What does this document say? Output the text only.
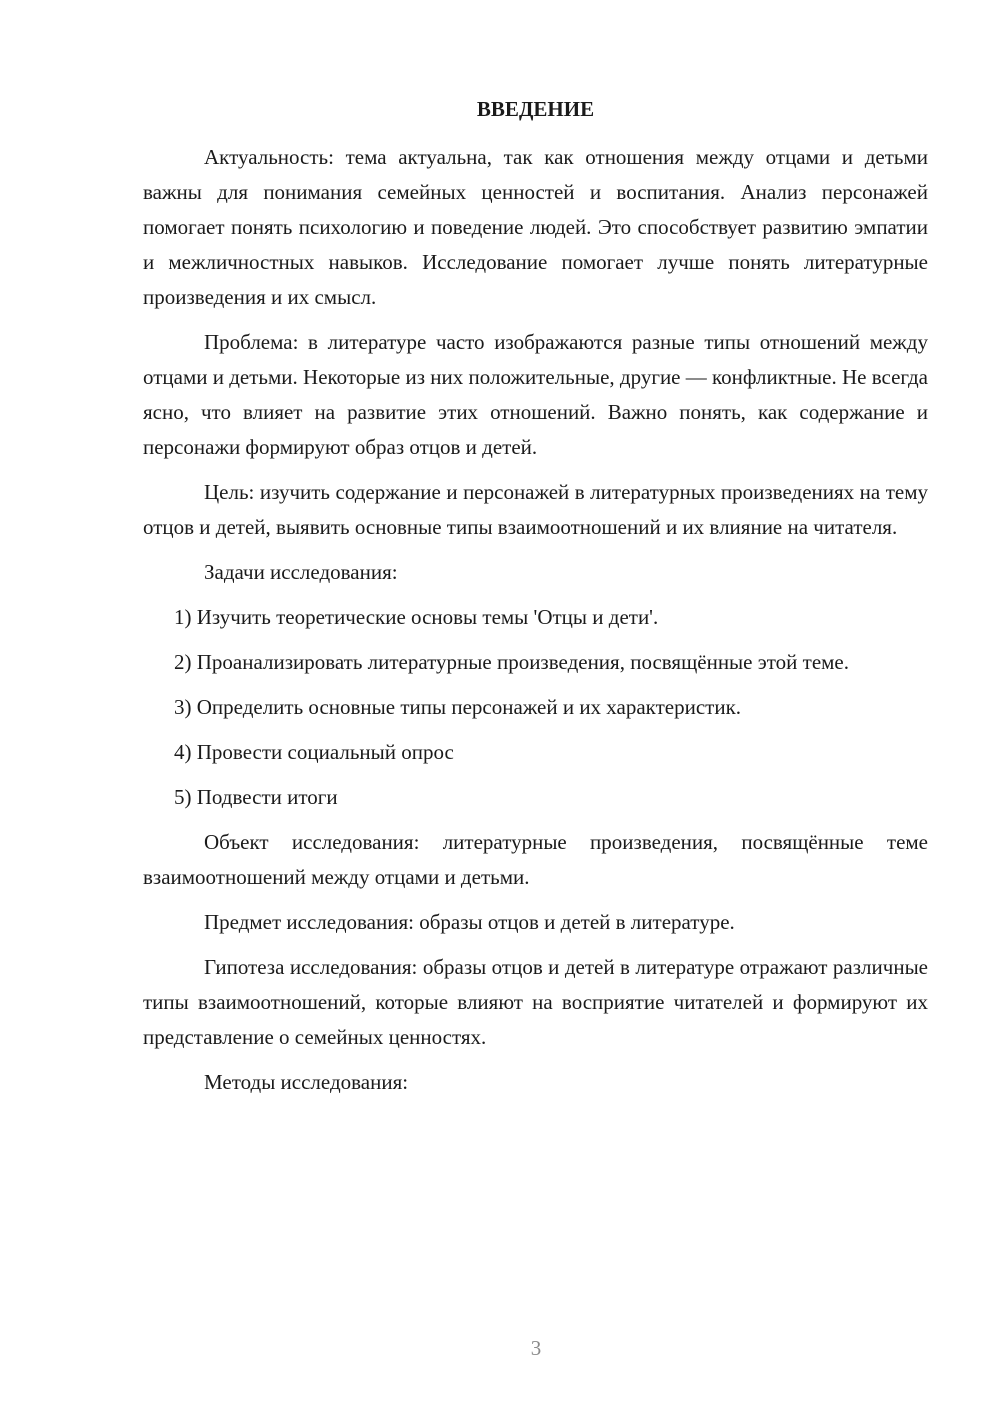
ВВЕДЕНИЕ

Актуальность: тема актуальна, так как отношения между отцами и детьми важны для понимания семейных ценностей и воспитания. Анализ персонажей помогает понять психологию и поведение людей. Это способствует развитию эмпатии и межличностных навыков. Исследование помогает лучше понять литературные произведения и их смысл.

Проблема: в литературе часто изображаются разные типы отношений между отцами и детьми. Некоторые из них положительные, другие — конфликтные. Не всегда ясно, что влияет на развитие этих отношений. Важно понять, как содержание и персонажи формируют образ отцов и детей.

Цель: изучить содержание и персонажей в литературных произведениях на тему отцов и детей, выявить основные типы взаимоотношений и их влияние на читателя.

Задачи исследования:

1) Изучить теоретические основы темы 'Отцы и дети'.

2) Проанализировать литературные произведения, посвящённые этой теме.

3) Определить основные типы персонажей и их характеристик.

4) Провести социальный опрос

5) Подвести итоги

Объект исследования: литературные произведения, посвящённые теме взаимоотношений между отцами и детьми.

Предмет исследования: образы отцов и детей в литературе.

Гипотеза исследования: образы отцов и детей в литературе отражают различные типы взаимоотношений, которые влияют на восприятие читателей и формируют их представление о семейных ценностях.

Методы исследования:

3
